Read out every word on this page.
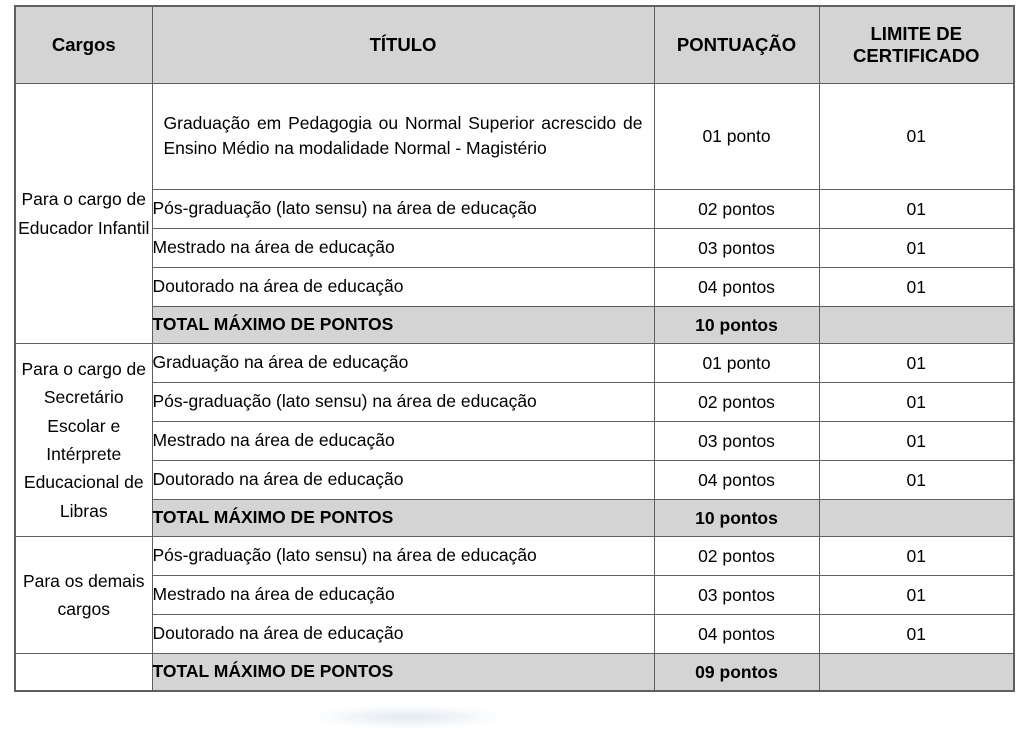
Cargos	TÍTULO	PONTUAÇÃO	LIMITE DE CERTIFICADO
Para o cargo de Educador Infantil	Graduação em Pedagogia ou Normal Superior acrescido de Ensino Médio na modalidade Normal - Magistério	01 ponto	01
	Pós-graduação (lato sensu) na área de educação	02 pontos	01
	Mestrado na área de educação	03 pontos	01
	Doutorado na área de educação	04 pontos	01
	TOTAL MÁXIMO DE PONTOS	10 pontos	
Para o cargo de Secretário Escolar e Intérprete Educacional de Libras	Graduação na área de educação	01 ponto	01
	Pós-graduação (lato sensu) na área de educação	02 pontos	01
	Mestrado na área de educação	03 pontos	01
	Doutorado na área de educação	04 pontos	01
	TOTAL MÁXIMO DE PONTOS	10 pontos	
Para os demais cargos	Pós-graduação (lato sensu) na área de educação	02 pontos	01
	Mestrado na área de educação	03 pontos	01
	Doutorado na área de educação	04 pontos	01
	TOTAL MÁXIMO DE PONTOS	09 pontos	
